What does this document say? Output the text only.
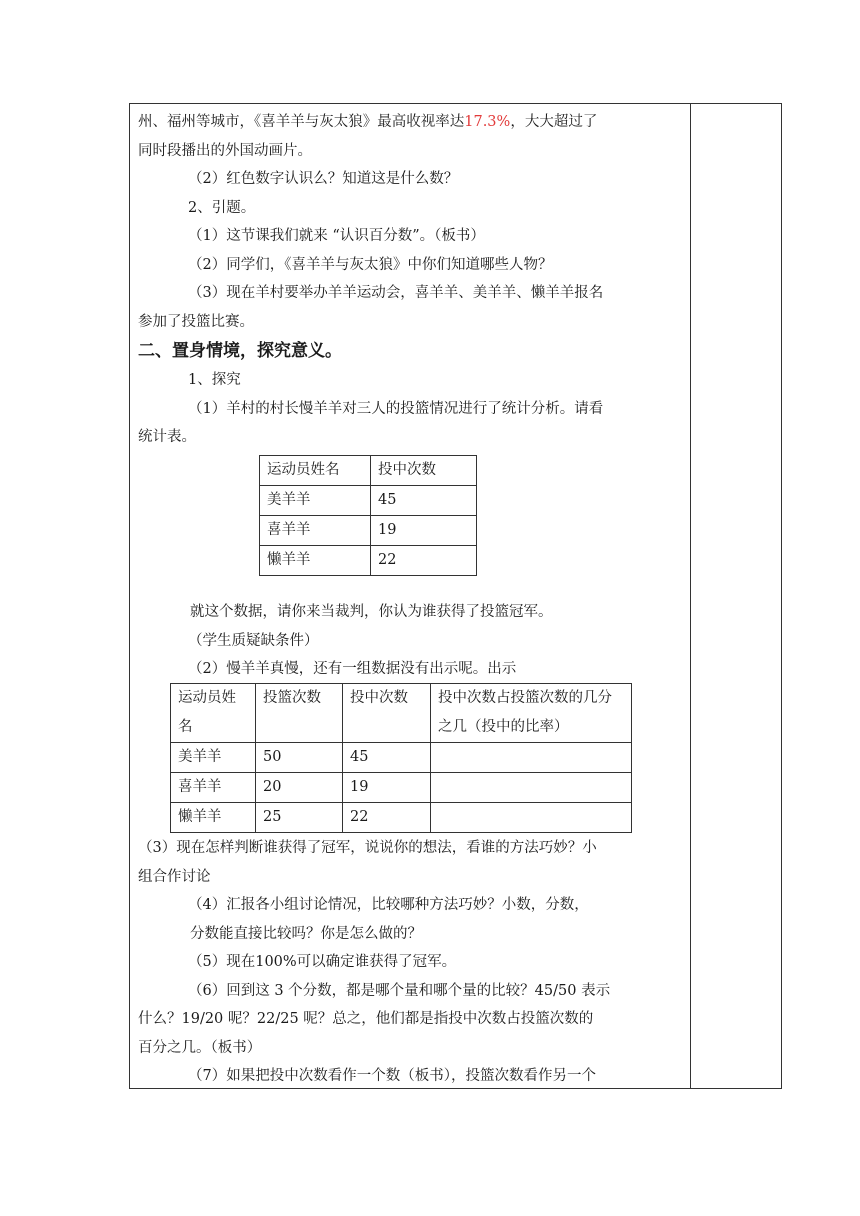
州、福州等城市，《喜羊羊与灰太狼》最高收视率达17.3%，大大超过了

同时段播出的外国动画片。

（2）红色数字认识么？知道这是什么数？

2、引题。

（1）这节课我们就来 “认识百分数”。（板书）

（2）同学们，《喜羊羊与灰太狼》中你们知道哪些人物？

（3）现在羊村要举办羊羊运动会，喜羊羊、美羊羊、懒羊羊报名

参加了投篮比赛。

二、置身情境，探究意义。

1、探究

（1）羊村的村长慢羊羊对三人的投篮情况进行了统计分析。请看

统计表。

运动员姓名	投中次数
美羊羊	45
喜羊羊	19
懒羊羊	22

就这个数据，请你来当裁判，你认为谁获得了投篮冠军。

（学生质疑缺条件）

（2）慢羊羊真慢，还有一组数据没有出示呢。出示

运动员姓名	投篮次数	投中次数	投中次数占投篮次数的几分之几（投中的比率）
美羊羊	50	45	
喜羊羊	20	19	
懒羊羊	25	22	

（3）现在怎样判断谁获得了冠军，说说你的想法，看谁的方法巧妙？小

组合作讨论

（4）汇报各小组讨论情况，比较哪种方法巧妙？小数，分数，

分数能直接比较吗？你是怎么做的？

（5）现在100%可以确定谁获得了冠军。

（6）回到这 3 个分数，都是哪个量和哪个量的比较？45/50 表示

什么？19/20 呢？22/25 呢？总之，他们都是指投中次数占投篮次数的

百分之几。（板书）

（7）如果把投中次数看作一个数（板书），投篮次数看作另一个
